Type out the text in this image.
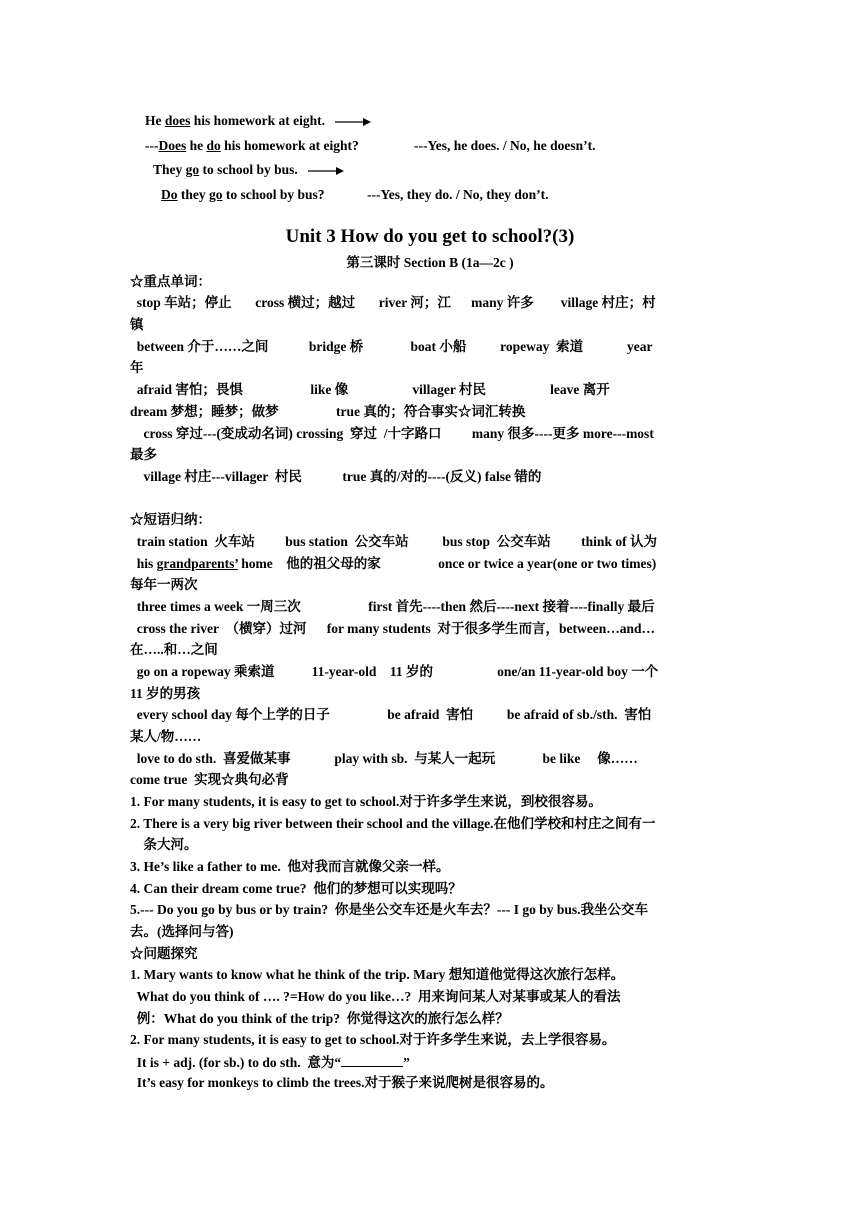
He does his homework at eight.
---Does he do his homework at eight?	---Yes, he does. / No, he doesn’t.
They go to school by bus.
Do they go to school by bus?	---Yes, they do. / No, they don’t.
Unit 3 How do you get to school?(3)
第三课时 Section B (1a—2c )
☆重点单词：
stop 车站；停止       cross 横过；越过       river 河；江      many 许多        village 村庄；村
镇
between 介于……之间            bridge 桥              boat 小船          ropeway  索道             year
年
afraid 害怕；畏惧                    like 像                   villager 村民                   leave 离开
dream 梦想；睡梦；做梦                 true 真的；符合事实☆词汇转换
cross 穿过---(变成动名词) crossing  穿过  /十字路口         many 很多----更多 more---most
最多
village 村庄---villager  村民            true 真的/对的----(反义) false 错的
☆短语归纳：
train station  火车站         bus station  公交车站          bus stop  公交车站         think of 认为
his grandparents’ home    他的祖父母的家                 once or twice a year(one or two times)
每年一两次
three times a week 一周三次                    first 首先----then 然后----next 接着----finally 最后
cross the river  （横穿）过河      for many students  对于很多学生而言，between…and…
在…..和…之间
go on a ropeway 乘索道           11-year-old    11 岁的                   one/an 11-year-old boy 一个
11 岁的男孩
every school day 每个上学的日子                 be afraid  害怕          be afraid of sb./sth.  害怕
某人/物……
love to do sth.  喜爱做某事             play with sb.  与某人一起玩              be like     像……
come true  实现☆典句必背
1. For many students, it is easy to get to school.对于许多学生来说，到校很容易。
2. There is a very big river between their school and the village.在他们学校和村庄之间有一
条大河。
3. He’s like a father to me.  他对我而言就像父亲一样。
4. Can their dream come true?  他们的梦想可以实现吗？
5.--- Do you go by bus or by train?  你是坐公交车还是火车去？--- I go by bus.我坐公交车
去。(选择问与答)
☆问题探究
1. Mary wants to know what he think of the trip. Mary 想知道他觉得这次旅行怎样。
What do you think of …. ?=How do you like…?  用来询问某人对某事或某人的看法
例：What do you think of the trip?  你觉得这次的旅行怎么样？
2. For many students, it is easy to get to school.对于许多学生来说，去上学很容易。
It is + adj. (for sb.) to do sth.  意为“	”
It’s easy for monkeys to climb the trees.对于猴子来说爬树是很容易的。
